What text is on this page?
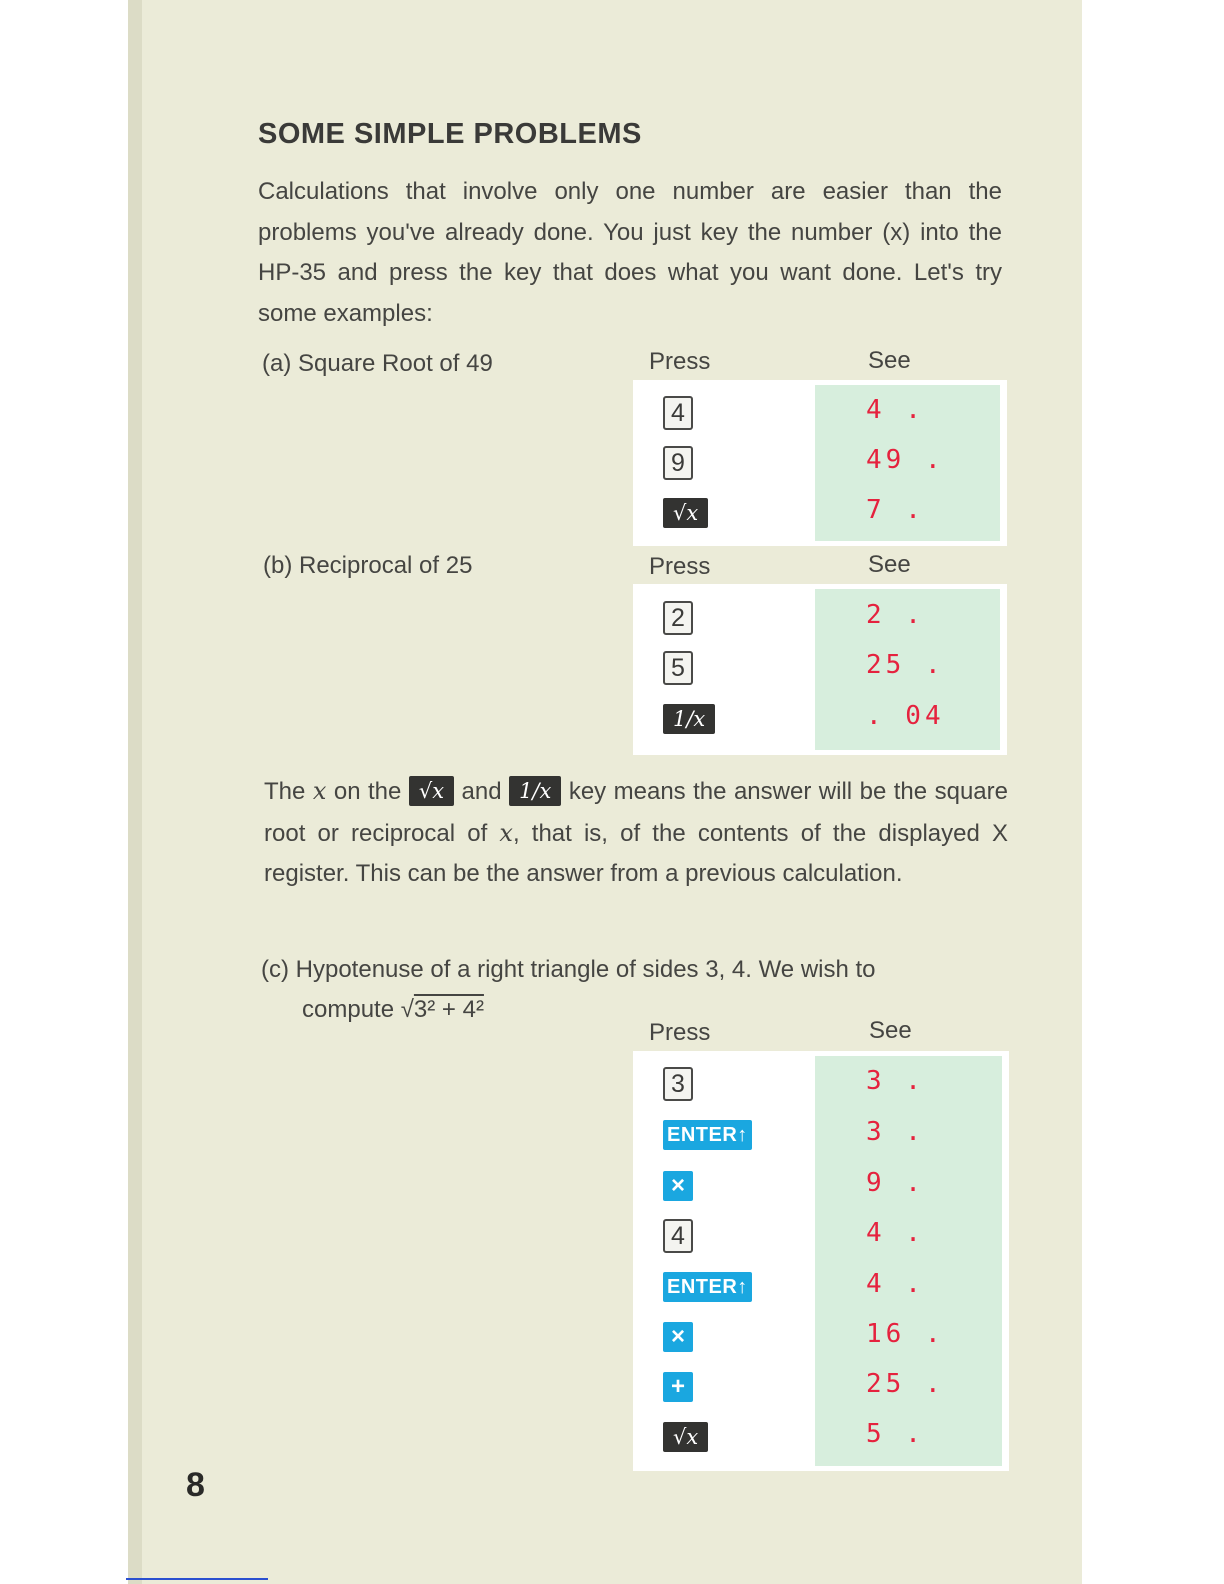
SOME SIMPLE PROBLEMS
Calculations that involve only one number are easier than the problems you've already done. You just key the number (x) into the HP-35 and press the key that does what you want done. Let's try some examples:
(a) Square Root of 49	Press	See
4	4 .
9	49 .
√x	7 .
(b) Reciprocal of 25	Press	See
2	2 .
5	25 .
1/x	. 04
The x on the √x and 1/x key means the answer will be the square root or reciprocal of x, that is, of the contents of the displayed X register. This can be the answer from a previous calculation.
(c) Hypotenuse of a right triangle of sides 3, 4. We wish to
compute √3² + 4²
Press	See
3	3 .
ENTER↑	3 .
×	9 .
4	4 .
ENTER↑	4 .
×	16 .
+	25 .
√x	5 .
8
